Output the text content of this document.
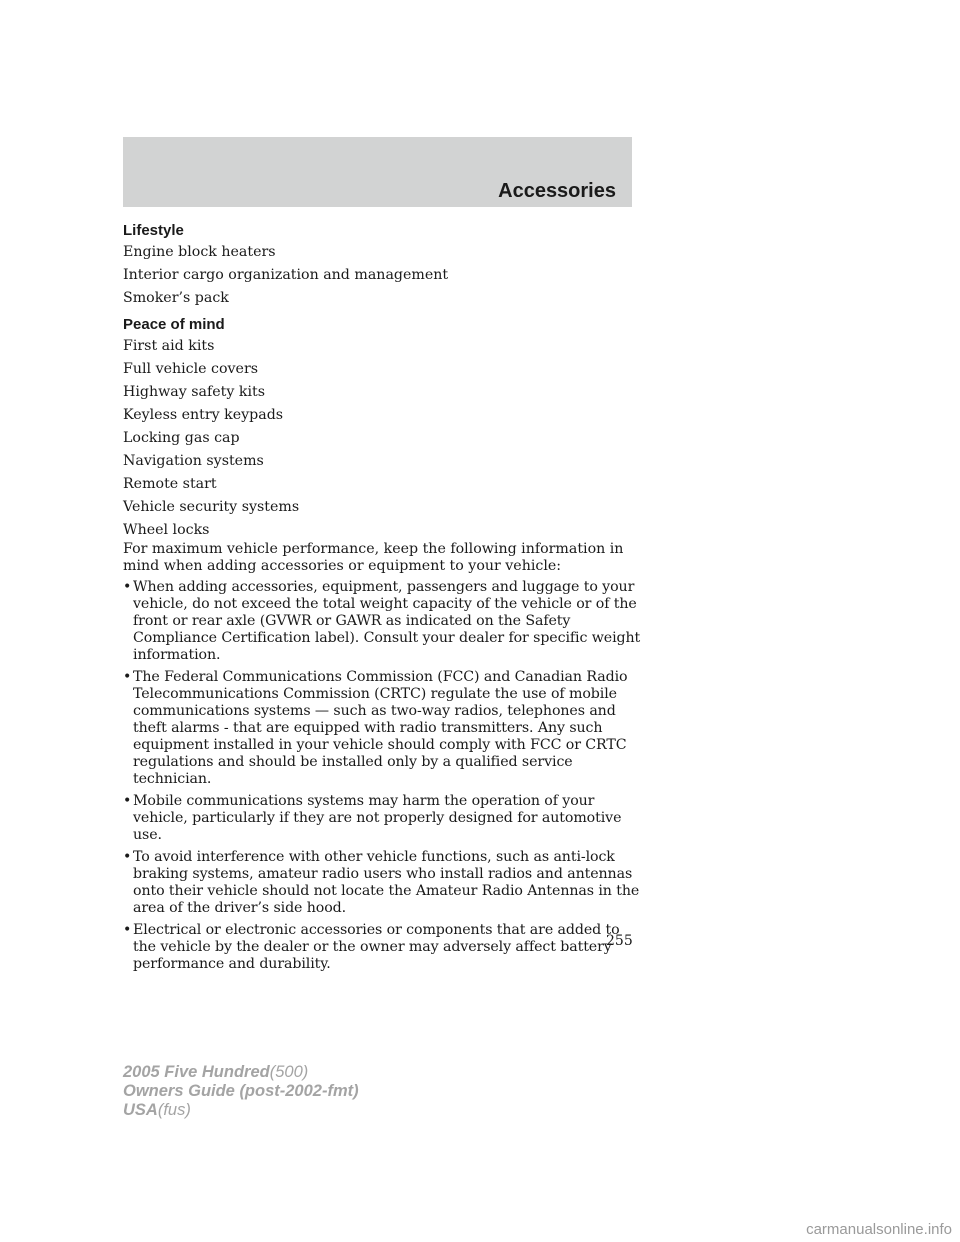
Accessories
Lifestyle
Engine block heaters
Interior cargo organization and management
Smoker’s pack
Peace of mind
First aid kits
Full vehicle covers
Highway safety kits
Keyless entry keypads
Locking gas cap
Navigation systems
Remote start
Vehicle security systems
Wheel locks
For maximum vehicle performance, keep the following information in mind when adding accessories or equipment to your vehicle:
• When adding accessories, equipment, passengers and luggage to your vehicle, do not exceed the total weight capacity of the vehicle or of the front or rear axle (GVWR or GAWR as indicated on the Safety Compliance Certification label). Consult your dealer for specific weight information.
• The Federal Communications Commission (FCC) and Canadian Radio Telecommunications Commission (CRTC) regulate the use of mobile communications systems — such as two-way radios, telephones and theft alarms - that are equipped with radio transmitters. Any such equipment installed in your vehicle should comply with FCC or CRTC regulations and should be installed only by a qualified service technician.
• Mobile communications systems may harm the operation of your vehicle, particularly if they are not properly designed for automotive use.
• To avoid interference with other vehicle functions, such as anti-lock braking systems, amateur radio users who install radios and antennas onto their vehicle should not locate the Amateur Radio Antennas in the area of the driver’s side hood.
• Electrical or electronic accessories or components that are added to the vehicle by the dealer or the owner may adversely affect battery performance and durability.
255
2005 Five Hundred(500)
Owners Guide (post-2002-fmt)
USA(fus)
carmanualsonline.info
